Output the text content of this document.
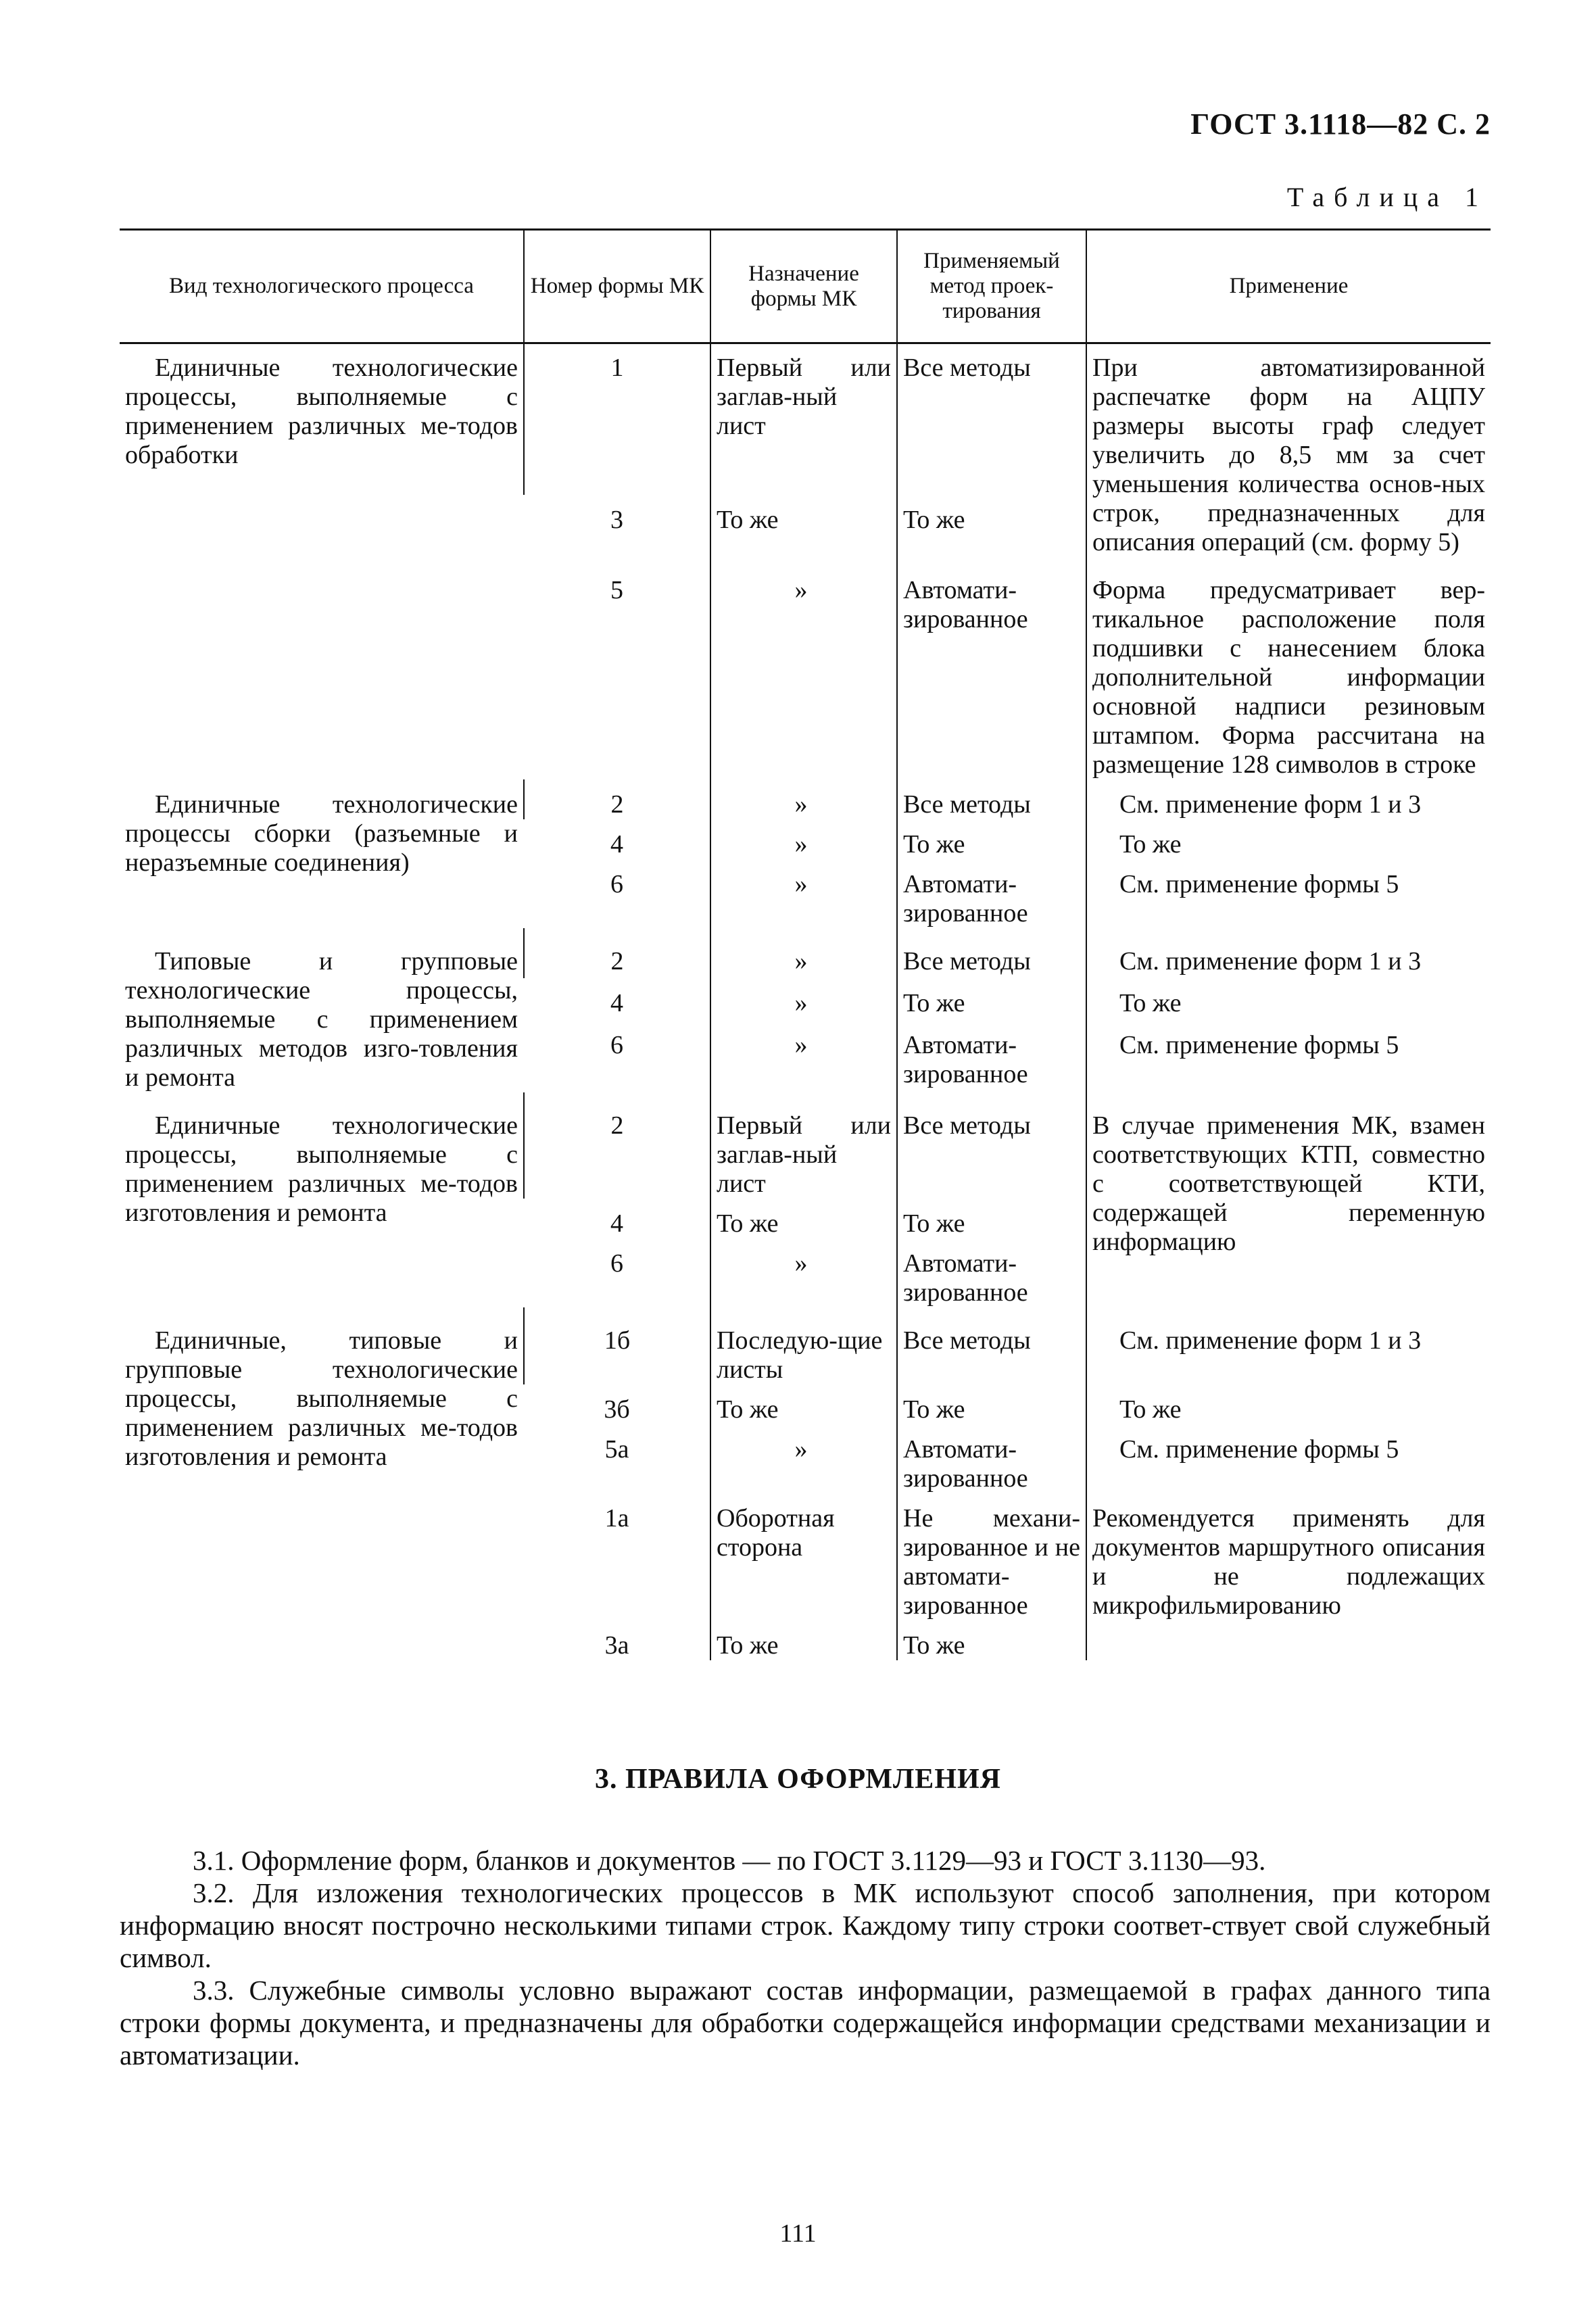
ГОСТ 3.1118—82 С. 2
Таблица 1
Вид технологического процесса	Номер формы МК	Назначение формы МК	Применяемый метод проек-тирования	Применение

Единичные технологические процессы, выполняемые с применением различных ме-тодов обработки	1	Первый или заглав-ный лист	Все методы	При автоматизированной распечатке форм на АЦПУ размеры высоты граф следует увеличить до 8,5 мм за счет уменьшения количества основ-ных строк, предназначенных для описания операций (см. форму 5)
	3	То же	То же	
	5	»	Автомати-зированное	Форма предусматривает вер-тикальное расположение поля подшивки с нанесением блока дополнительной информации основной надписи резиновым штампом. Форма рассчитана на размещение 128 символов в строке

Единичные технологические процессы сборки (разъемные и неразъемные соединения)	2	»	Все методы	См. применение форм 1 и 3
	4	»	То же	То же
	6	»	Автомати-зированное	См. применение формы 5

Типовые и групповые технологические процессы, выполняемые с применением различных методов изго-товления и ремонта	2	»	Все методы	См. применение форм 1 и 3
	4	»	То же	То же
	6	»	Автомати-зированное	См. применение формы 5

Единичные технологические процессы, выполняемые с применением различных ме-тодов изготовления и ремонта	2	Первый или заглав-ный лист	Все методы	В случае применения МК, взамен соответствующих КТП, совместно с соответствующей КТИ, содержащей переменную информацию
	4	То же	То же	
	6	»	Автомати-зированное	

Единичные, типовые и групповые технологические процессы, выполняемые с применением различных ме-тодов изготовления и ремонта	1б	Последую-щие листы	Все методы	См. применение форм 1 и 3
	3б	То же	То же	То же
	5а	»	Автомати-зированное	См. применение формы 5
	1а	Оборотная сторона	Не механи-зированное и не автомати-зированное	Рекомендуется применять для документов маршрутного описания и не подлежащих микрофильмированию
	3а	То же	То же	
3. ПРАВИЛА ОФОРМЛЕНИЯ

3.1. Оформление форм, бланков и документов — по ГОСТ 3.1129—93 и ГОСТ 3.1130—93.

3.2. Для изложения технологических процессов в МК используют способ заполнения, при котором информацию вносят построчно несколькими типами строк. Каждому типу строки соответ-ствует свой служебный символ.

3.3. Служебные символы условно выражают состав информации, размещаемой в графах данного типа строки формы документа, и предназначены для обработки содержащейся информации средствами механизации и автоматизации.

111
